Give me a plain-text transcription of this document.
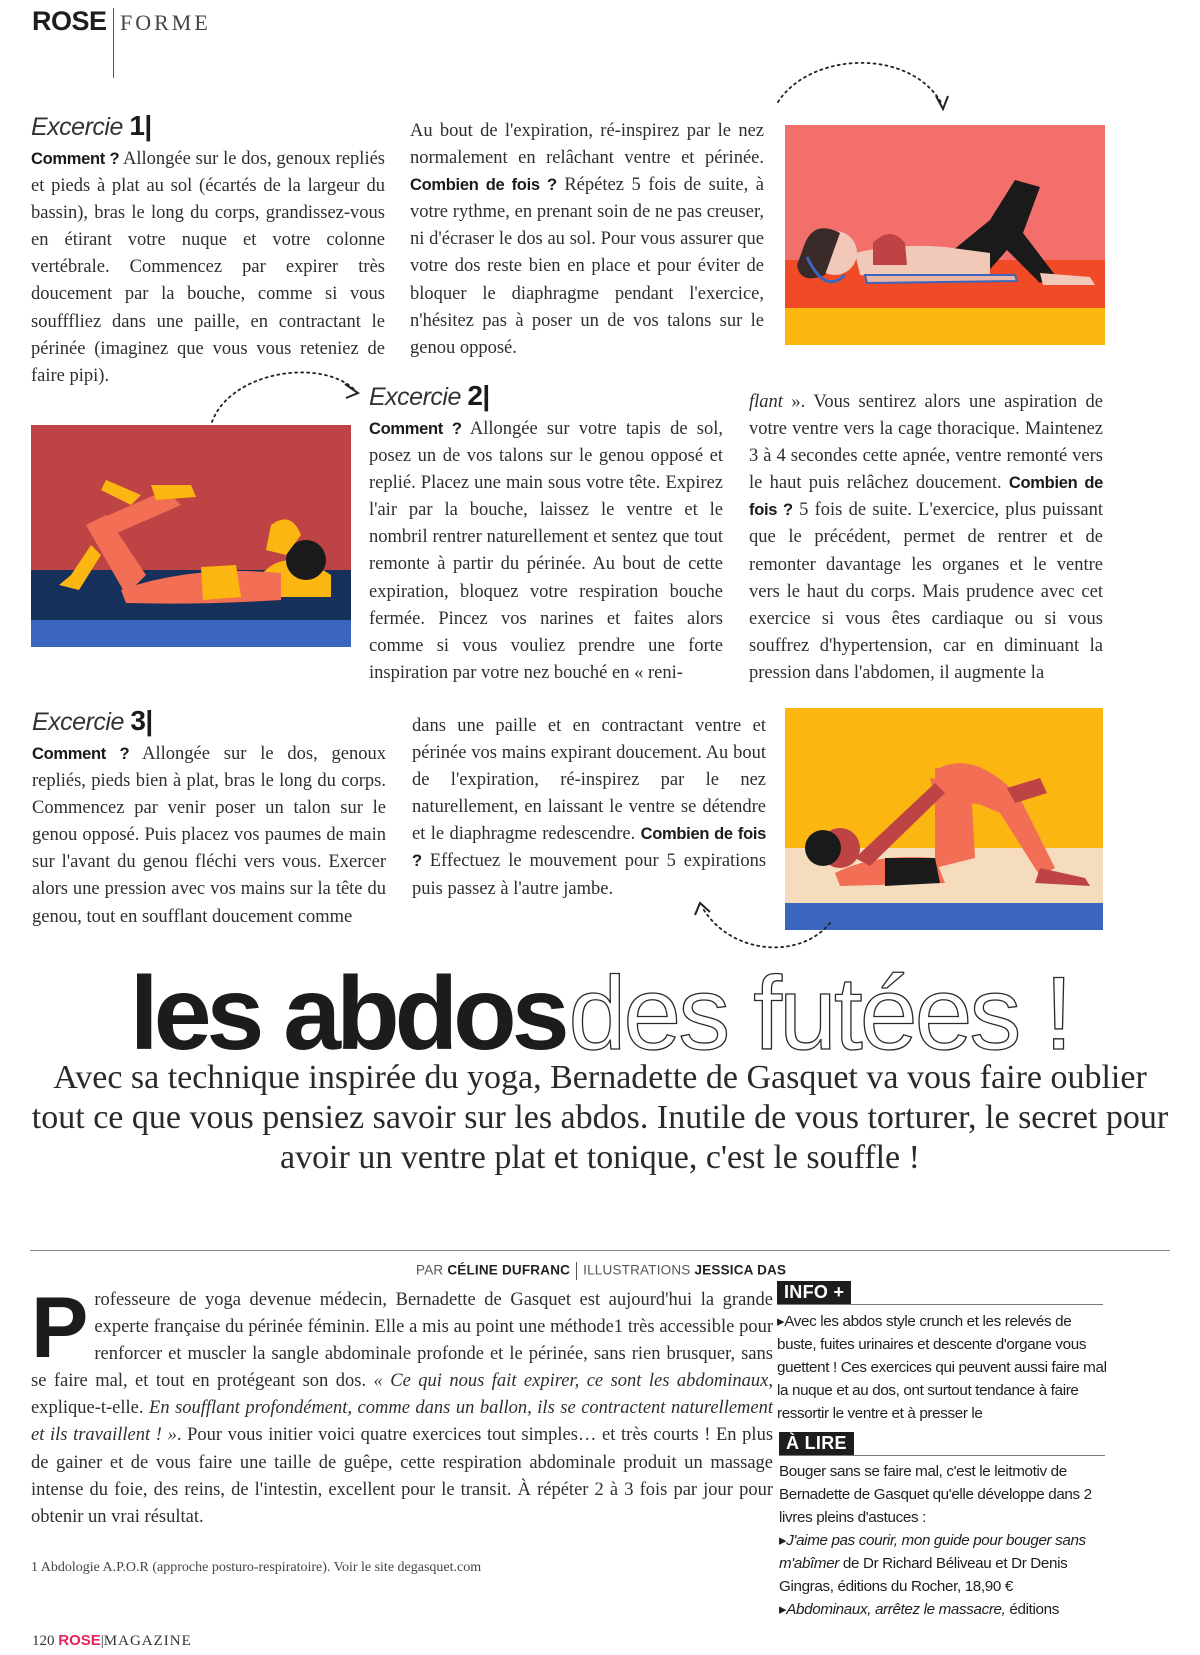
ROSE FORME
Excercie 1|
Comment ? Allongée sur le dos, genoux repliés et pieds à plat au sol (écartés de la largeur du bassin), bras le long du corps, grandissez-vous en étirant votre nuque et votre colonne vertébrale. Commencez par expirer très doucement par la bouche, comme si vous soufffliez dans une paille, en contractant le périnée (imaginez que vous vous reteniez de faire pipi).
Au bout de l'expiration, ré-inspirez par le nez normalement en relâchant ventre et périnée. Combien de fois ? Répétez 5 fois de suite, à votre rythme, en prenant soin de ne pas creuser, ni d'écraser le dos au sol. Pour vous assurer que votre dos reste bien en place et pour éviter de bloquer le diaphragme pendant l'exercice, n'hésitez pas à poser un de vos talons sur le genou opposé.
Excercie 2|
Comment ? Allongée sur votre tapis de sol, posez un de vos talons sur le genou opposé et replié. Placez une main sous votre tête. Expirez l'air par la bouche, laissez le ventre et le nombril rentrer naturellement et sentez que tout remonte à partir du périnée. Au bout de cette expiration, bloquez votre respiration bouche fermée. Pincez vos narines et faites alors comme si vous vouliez prendre une forte inspiration par votre nez bouché en « reni-
flant ». Vous sentirez alors une aspiration de votre ventre vers la cage thoracique. Maintenez 3 à 4 secondes cette apnée, ventre remonté vers le haut puis relâchez doucement. Combien de fois ? 5 fois de suite. L'exercice, plus puissant que le précédent, permet de rentrer et de remonter davantage les organes et le ventre vers le haut du corps. Mais prudence avec cet exercice si vous êtes cardiaque ou si vous souffrez d'hypertension, car en diminuant la pression dans l'abdomen, il augmente la
Excercie 3|
Comment ? Allongée sur le dos, genoux repliés, pieds bien à plat, bras le long du corps. Commencez par venir poser un talon sur le genou opposé. Puis placez vos paumes de main sur l'avant du genou fléchi vers vous. Exercer alors une pression avec vos mains sur la tête du genou, tout en soufflant doucement comme
dans une paille et en contractant ventre et périnée vos mains expirant doucement. Au bout de l'expiration, ré-inspirez par le nez naturellement, en laissant le ventre se détendre et le diaphragme redescendre. Combien de fois ? Effectuez le mouvement pour 5 expirations puis passez à l'autre jambe.
les abdos des futées !
Avec sa technique inspirée du yoga, Bernadette de Gasquet va vous faire oublier tout ce que vous pensiez savoir sur les abdos. Inutile de vous torturer, le secret pour avoir un ventre plat et tonique, c'est le souffle !
PAR CÉLINE DUFRANC ILLUSTRATIONS JESSICA DAS
P rofesseure de yoga devenue médecin, Bernadette de Gasquet est aujourd'hui la grande experte française du périnée féminin. Elle a mis au point une méthode1 très accessible pour renforcer et muscler la sangle abdominale profonde et le périnée, sans rien brusquer, sans se faire mal, et tout en protégeant son dos. « Ce qui nous fait expirer, ce sont les abdominaux, explique-t-elle. En soufflant profondément, comme dans un ballon, ils se contractent naturellement et ils travaillent ! ». Pour vous initier voici quatre exercices tout simples… et très courts ! En plus de gainer et de vous faire une taille de guêpe, cette respiration abdominale produit un massage intense du foie, des reins, de l'intestin, excellent pour le transit. À répéter 2 à 3 fois par jour pour obtenir un vrai résultat.
1 Abdologie A.P.O.R (approche posturo-respiratoire). Voir le site degasquet.com
INFO +

▸Avec les abdos style crunch et les relevés de buste, fuites urinaires et descente d'organe vous guettent ! Ces exercices qui peuvent aussi faire mal la nuque et au dos, ont surtout tendance à faire ressortir le ventre et à presser le

À LIRE

Bouger sans se faire mal, c'est le leitmotiv de Bernadette de Gasquet qu'elle développe dans 2 livres pleins d'astuces :

▸J'aime pas courir, mon guide pour bouger sans m'abîmer de Dr Richard Béliveau et Dr Denis Gingras, éditions du Rocher, 18,90 €

▸Abdominaux, arrêtez le massacre, éditions

120 ROSE|MAGAZINE
